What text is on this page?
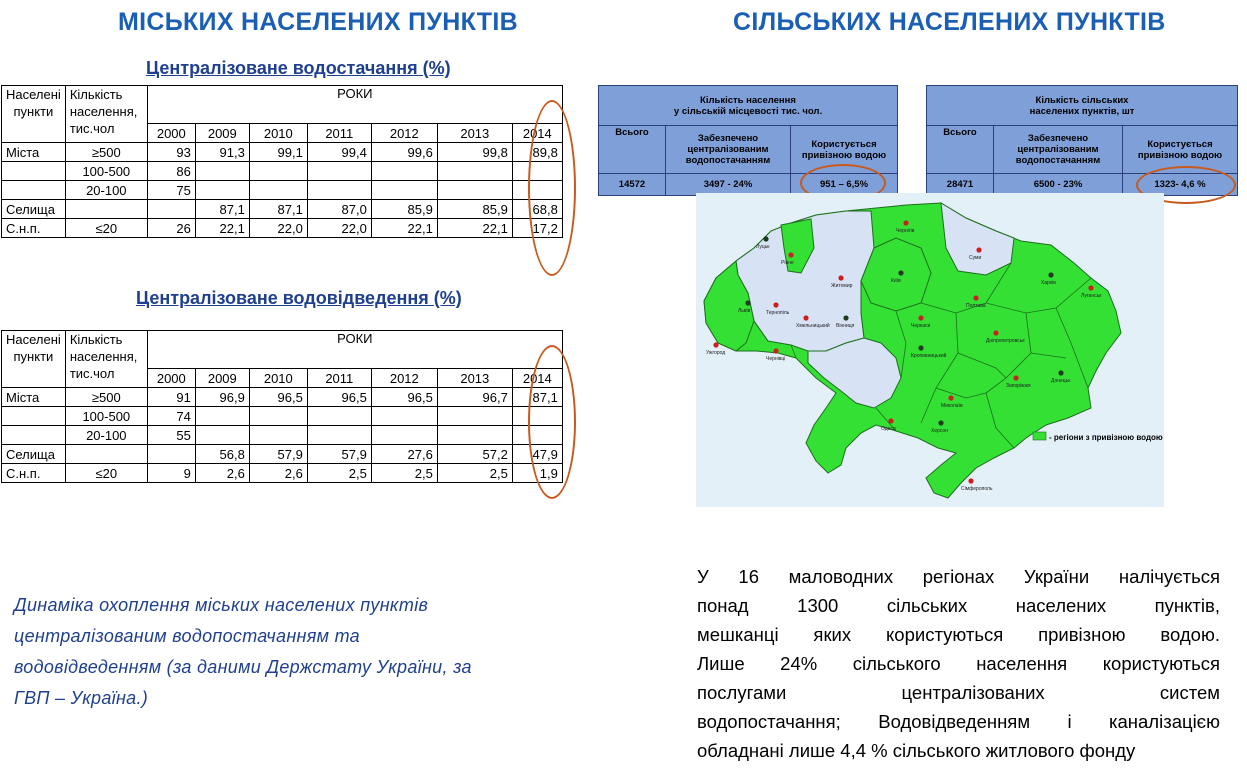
МІСЬКИХ НАСЕЛЕНИХ ПУНКТІВ	СІЛЬСЬКИХ НАСЕЛЕНИХ ПУНКТІВ
Централізоване водостачання (%)
Населені
пункти	Кількість
населення,
тис.чол	РОКИ						
		2000	2009	2010	2011	2012	2013	2014
Міста	≥500	93	91,3	99,1	99,4	99,6	99,8	89,8
	100-500	86						
	20-100	75						
Селища			87,1	87,1	87,0	85,9	85,9	68,8
С.н.п.	≤20	26	22,1	22,0	22,0	22,1	22,1	17,2
Централізоване водовідведення (%)
Населені
пункти	Кількість
населення,
тис.чол	РОКИ						
		2000	2009	2010	2011	2012	2013	2014
Міста	≥500	91	96,9	96,5	96,5	96,5	96,7	87,1
	100-500	74						
	20-100	55						
Селища			56,8	57,9	57,9	27,6	57,2	47,9
С.н.п.	≤20	9	2,6	2,6	2,5	2,5	2,5	1,9
Кількість населення
у сільській місцевості тис. чол.		
Всього	Забезпечено
централізованим
водопостачанням	Користується
привізною водою
14572	3497 - 24%	951 – 6,5%
Кількість сільських
населених пунктів, шт		
Всього	Забезпечено
централізованим
водопостачанням	Користується
привізною водою
28471	6500 - 23%	1323- 4,6 %
Луцьк
Рівне
Житомир
Київ
Чернігів
Суми
Харків
Полтава
Черкаси
Вінниця
Тернопіль
Хмельницький
Львів
Ужгород
Чернівці	Кропивницький
Дніпропетровськ
Луганськ
Донецьк
Запоріжжя
Миколаїв
Херсон
Одеса
Сімферополь
- регіони з привізною водою
Динаміка охоплення міських населених пунктів
централізованим водопостачанням та
водовідведенням (за даними Держстату України, за
ГВП – Україна.)
У 16 маловодних регіонах України налічується
понад 1300 сільських населених пунктів,
мешканці яких користуються привізною водою.
Лише 24% сільського населення користуються
послугами централізованих систем
водопостачання; Водовідведенням і каналізацією
обладнані лише 4,4 % сільського житлового фонду
